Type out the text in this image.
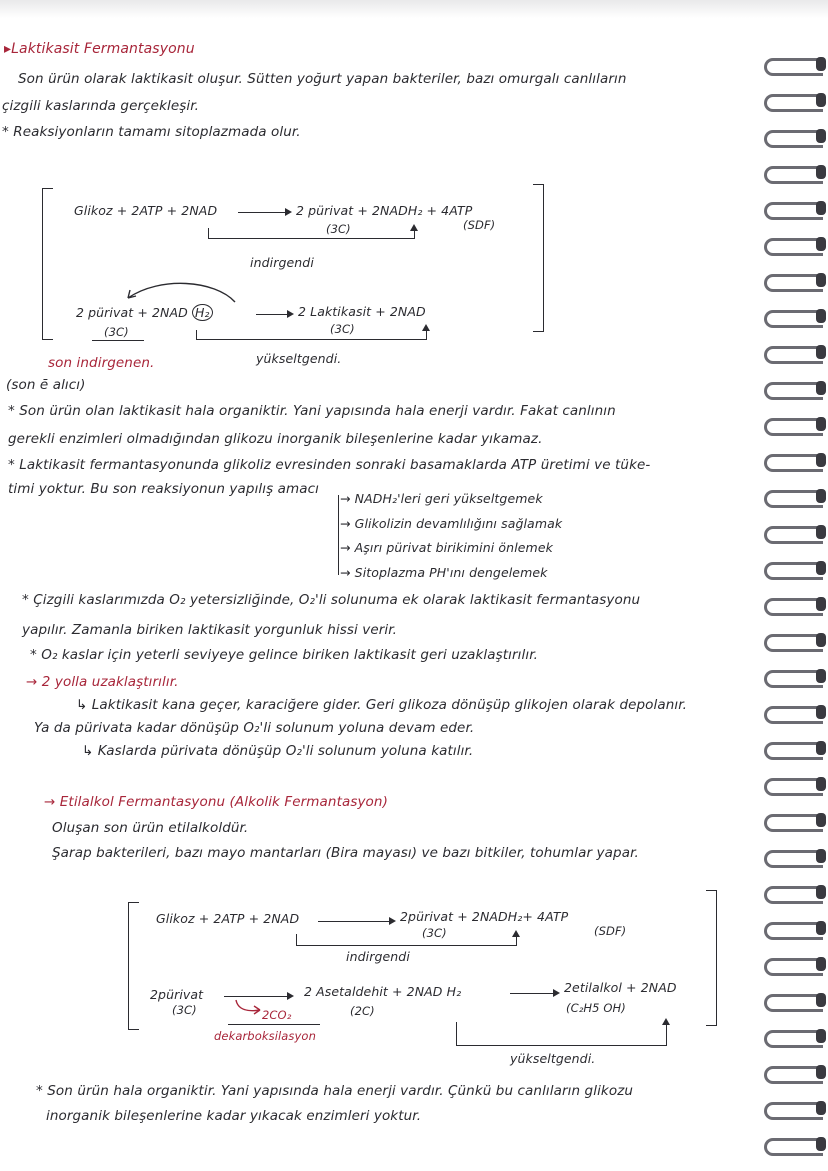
▸Laktikasit Fermantasyonu
Son ürün olarak laktikasit oluşur. Sütten yoğurt yapan bakteriler, bazı omurgalı canlıların
çizgili kaslarında gerçekleşir.
* Reaksiyonların tamamı sitoplazmada olur.
Glikoz + 2ATP + 2NAD → 2 pürivat + 2NADH₂ + 4ATP
(3C)	(SDF)
indirgendi
2 pürivat + 2NAD H₂	→ 2 Laktikasit + 2NAD
(3C)	(3C)
yükseltgendi.
son indirgenen.
(son ē alıcı)
* Son ürün olan laktikasit hala organiktir. Yani yapısında hala enerji vardır. Fakat canlının
gerekli enzimleri olmadığından glikozu inorganik bileşenlerine kadar yıkamaz.
* Laktikasit fermantasyonunda glikoliz evresinden sonraki basamaklarda ATP üretimi ve tüke-
timi yoktur. Bu son reaksiyonun yapılış amacı
→ NADH₂'leri geri yükseltgemek
→ Glikolizin devamlılığını sağlamak
→ Aşırı pürivat birikimini önlemek
→ Sitoplazma PH'ını dengelemek
* Çizgili kaslarımızda O₂ yetersizliğinde, O₂'li solunuma ek olarak laktikasit fermantasyonu
yapılır. Zamanla biriken laktikasit yorgunluk hissi verir.
* O₂ kaslar için yeterli seviyeye gelince biriken laktikasit geri uzaklaştırılır.
→ 2 yolla uzaklaştırılır.
↳ Laktikasit kana geçer, karaciğere gider. Geri glikoza dönüşüp glikojen olarak depolanır.
Ya da pürivata kadar dönüşüp O₂'li solunum yoluna devam eder.
↳ Kaslarda pürivata dönüşüp O₂'li solunum yoluna katılır.
→ Etilalkol Fermantasyonu (Alkolik Fermantasyon)
Oluşan son ürün etilalkoldür.
Şarap bakterileri, bazı mayo mantarları (Bira mayası) ve bazı bitkiler, tohumlar yapar.
Glikoz + 2ATP + 2NAD	2pürivat + 2NADH₂+ 4ATP
(3C)	(SDF)
indirgendi
2pürivat
(3C)	2CO₂
dekarboksilasyon
2 Asetaldehit + 2NAD H₂
(2C)
→ 2etilalkol + 2NAD
(C₂H5 OH)
yükseltgendi.
* Son ürün hala organiktir. Yani yapısında hala enerji vardır. Çünkü bu canlıların glikozu
inorganik bileşenlerine kadar yıkacak enzimleri yoktur.
